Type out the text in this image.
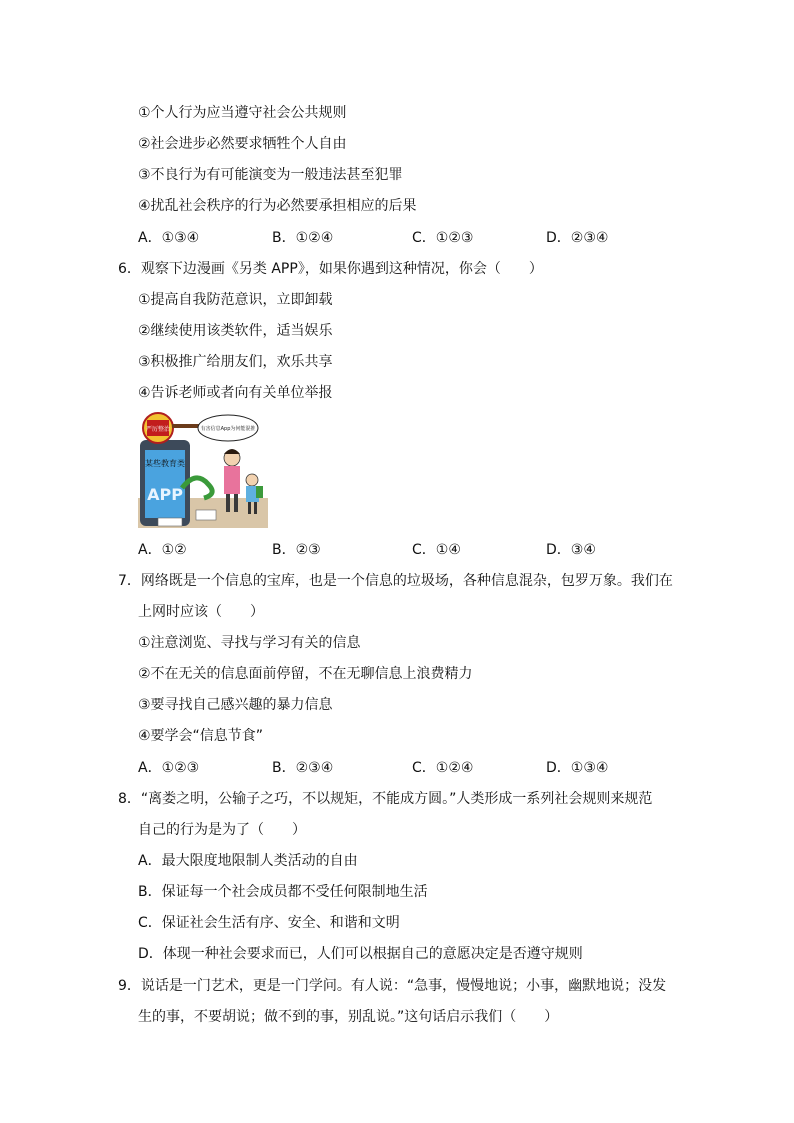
①个人行为应当遵守社会公共规则
②社会进步必然要求牺牲个人自由
③不良行为有可能演变为一般违法甚至犯罪
④扰乱社会秩序的行为必然要承担相应的后果
A．①③④	B．①②④	C．①②③	D．②③④
6．观察下边漫画《另类 APP》，如果你遇到这种情况，你会（　　）
①提高自我防范意识，立即卸载
②继续使用该类软件，适当娱乐
③积极推广给朋友们，欢乐共享
④告诉老师或者向有关单位举报
某些教育类
APP
严厉整治	有害信息App为何能混推
A．①②	B．②③	C．①④	D．③④
7．网络既是一个信息的宝库，也是一个信息的垃圾场，各种信息混杂，包罗万象。我们在
上网时应该（　　）
①注意浏览、寻找与学习有关的信息
②不在无关的信息面前停留，不在无聊信息上浪费精力
③要寻找自己感兴趣的暴力信息
④要学会“信息节食”
A．①②③	B．②③④	C．①②④	D．①③④
8．“离娄之明，公输子之巧，不以规矩，不能成方圆。”人类形成一系列社会规则来规范
自己的行为是为了（　　）
A．最大限度地限制人类活动的自由
B．保证每一个社会成员都不受任何限制地生活
C．保证社会生活有序、安全、和谐和文明
D．体现一种社会要求而已，人们可以根据自己的意愿决定是否遵守规则
9．说话是一门艺术，更是一门学问。有人说：“急事，慢慢地说；小事，幽默地说；没发
生的事，不要胡说；做不到的事，别乱说。”这句话启示我们（　　）
